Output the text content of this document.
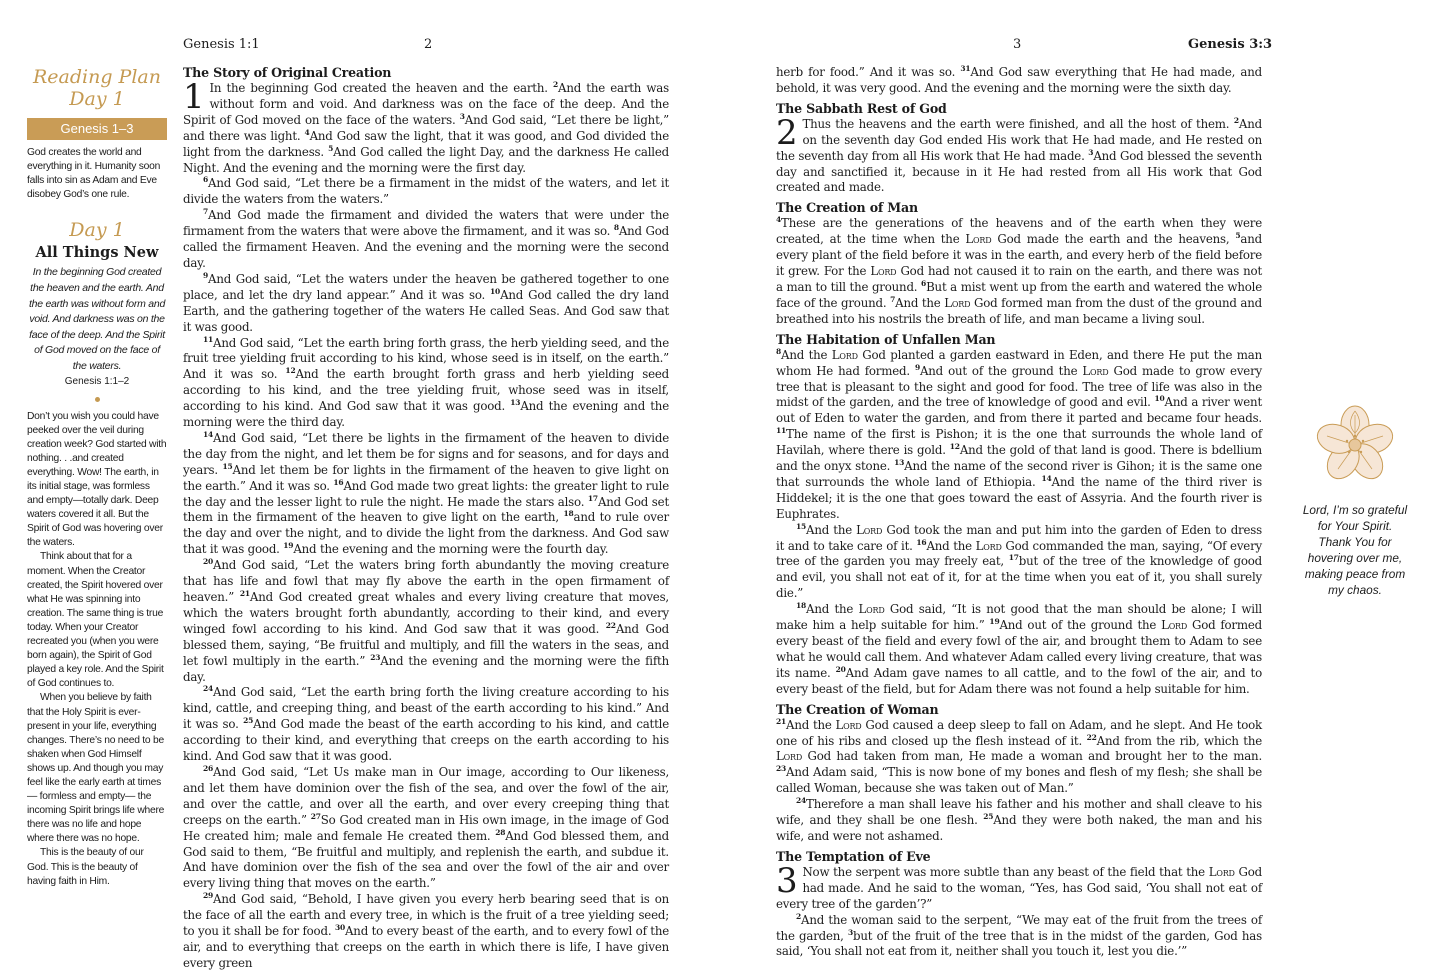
Genesis 1:1	2	3	Genesis 3:3
Reading Plan
Day 1
Genesis 1–3

God creates the world and everything in it. Humanity soon falls into sin as Adam and Eve disobey God’s one rule.

Day 1
All Things New
In the beginning God created the heaven and the earth. And the earth was without form and void. And darkness was on the face of the deep. And the Spirit of God moved on the face of the waters.
Genesis 1:1–2

Don’t you wish you could have peeked over the veil during creation week? God started with nothing. . .and created everything. Wow! The earth, in its initial stage, was formless and empty—totally dark. Deep waters covered it all. But the Spirit of God was hovering over the waters.

Think about that for a moment. When the Creator created, the Spirit hovered over what He was spinning into creation. The same thing is true today. When your Creator recreated you (when you were born again), the Spirit of God played a key role. And the Spirit of God continues to.

When you believe by faith that the Holy Spirit is ever-present in your life, everything changes. There’s no need to be shaken when God Himself shows up. And though you may feel like the early earth at times— formless and empty— the incoming Spirit brings life where there was no life and hope where there was no hope.

This is the beauty of our God. This is the beauty of having faith in Him.

The Story of Original Creation

1 In the beginning God created the heaven and the earth. $^2$And the earth was without form and void. And darkness was on the face of the deep. And the Spirit of God moved on the face of the waters. $^3$And God said, “Let there be light,” and there was light. $^4$And God saw the light, that it was good, and God divided the light from the darkness. $^5$And God called the light Day, and the darkness He called Night. And the evening and the morning were the first day.

$^6$And God said, “Let there be a firmament in the midst of the waters, and let it divide the waters from the waters.”

$^7$And God made the firmament and divided the waters that were under the firmament from the waters that were above the firmament, and it was so. $^8$And God called the firmament Heaven. And the evening and the morning were the second day.

$^9$And God said, “Let the waters under the heaven be gathered together to one place, and let the dry land appear.” And it was so. $^{10}$And God called the dry land Earth, and the gathering together of the waters He called Seas. And God saw that it was good.

$^{11}$And God said, “Let the earth bring forth grass, the herb yielding seed, and the fruit tree yielding fruit according to his kind, whose seed is in itself, on the earth.” And it was so. $^{12}$And the earth brought forth grass and herb yielding seed according to his kind, and the tree yielding fruit, whose seed was in itself, according to his kind. And God saw that it was good. $^{13}$And the evening and the morning were the third day.

$^{14}$And God said, “Let there be lights in the firmament of the heaven to divide the day from the night, and let them be for signs and for seasons, and for days and years. $^{15}$And let them be for lights in the firmament of the heaven to give light on the earth.” And it was so. $^{16}$And God made two great lights: the greater light to rule the day and the lesser light to rule the night. He made the stars also. $^{17}$And God set them in the firmament of the heaven to give light on the earth, $^{18}$and to rule over the day and over the night, and to divide the light from the darkness. And God saw that it was good. $^{19}$And the evening and the morning were the fourth day.

$^{20}$And God said, “Let the waters bring forth abundantly the moving creature that has life and fowl that may fly above the earth in the open firmament of heaven.” $^{21}$And God created great whales and every living creature that moves, which the waters brought forth abundantly, according to their kind, and every winged fowl according to his kind. And God saw that it was good. $^{22}$And God blessed them, saying, “Be fruitful and multiply, and fill the waters in the seas, and let fowl multiply in the earth.” $^{23}$And the evening and the morning were the fifth day.

$^{24}$And God said, “Let the earth bring forth the living creature according to his kind, cattle, and creeping thing, and beast of the earth according to his kind.” And it was so. $^{25}$And God made the beast of the earth according to his kind, and cattle according to their kind, and everything that creeps on the earth according to his kind. And God saw that it was good.

$^{26}$And God said, “Let Us make man in Our image, according to Our likeness, and let them have dominion over the fish of the sea, and over the fowl of the air, and over the cattle, and over all the earth, and over every creeping thing that creeps on the earth.” $^{27}$So God created man in His own image, in the image of God He created him; male and female He created them. $^{28}$And God blessed them, and God said to them, “Be fruitful and multiply, and replenish the earth, and subdue it. And have dominion over the fish of the sea and over the fowl of the air and over every living thing that moves on the earth.”

$^{29}$And God said, “Behold, I have given you every herb bearing seed that is on the face of all the earth and every tree, in which is the fruit of a tree yielding seed; to you it shall be for food. $^{30}$And to every beast of the earth, and to every fowl of the air, and to everything that creeps on the earth in which there is life, I have given every green

herb for food.” And it was so. $^{31}$And God saw everything that He had made, and behold, it was very good. And the evening and the morning were the sixth day.

The Sabbath Rest of God

2 Thus the heavens and the earth were finished, and all the host of them. $^2$And on the seventh day God ended His work that He had made, and He rested on the seventh day from all His work that He had made. $^3$And God blessed the seventh day and sanctified it, because in it He had rested from all His work that God created and made.

The Creation of Man

$^4$These are the generations of the heavens and of the earth when they were created, at the time when the Lord God made the earth and the heavens, $^5$and every plant of the field before it was in the earth, and every herb of the field before it grew. For the Lord God had not caused it to rain on the earth, and there was not a man to till the ground. $^6$But a mist went up from the earth and watered the whole face of the ground. $^7$And the Lord God formed man from the dust of the ground and breathed into his nostrils the breath of life, and man became a living soul.

The Habitation of Unfallen Man

$^8$And the Lord God planted a garden eastward in Eden, and there He put the man whom He had formed. $^9$And out of the ground the Lord God made to grow every tree that is pleasant to the sight and good for food. The tree of life was also in the midst of the garden, and the tree of knowledge of good and evil. $^{10}$And a river went out of Eden to water the garden, and from there it parted and became four heads. $^{11}$The name of the first is Pishon; it is the one that surrounds the whole land of Havilah, where there is gold. $^{12}$And the gold of that land is good. There is bdellium and the onyx stone. $^{13}$And the name of the second river is Gihon; it is the same one that surrounds the whole land of Ethiopia. $^{14}$And the name of the third river is Hiddekel; it is the one that goes toward the east of Assyria. And the fourth river is Euphrates.

$^{15}$And the Lord God took the man and put him into the garden of Eden to dress it and to take care of it. $^{16}$And the Lord God commanded the man, saying, “Of every tree of the garden you may freely eat, $^{17}$but of the tree of the knowledge of good and evil, you shall not eat of it, for at the time when you eat of it, you shall surely die.”

$^{18}$And the Lord God said, “It is not good that the man should be alone; I will make him a help suitable for him.” $^{19}$And out of the ground the Lord God formed every beast of the field and every fowl of the air, and brought them to Adam to see what he would call them. And whatever Adam called every living creature, that was its name. $^{20}$And Adam gave names to all cattle, and to the fowl of the air, and to every beast of the field, but for Adam there was not found a help suitable for him.

The Creation of Woman

$^{21}$And the Lord God caused a deep sleep to fall on Adam, and he slept. And He took one of his ribs and closed up the flesh instead of it. $^{22}$And from the rib, which the Lord God had taken from man, He made a woman and brought her to the man. $^{23}$And Adam said, “This is now bone of my bones and flesh of my flesh; she shall be called Woman, because she was taken out of Man.”

$^{24}$Therefore a man shall leave his father and his mother and shall cleave to his wife, and they shall be one flesh. $^{25}$And they were both naked, the man and his wife, and were not ashamed.

The Temptation of Eve

3 Now the serpent was more subtle than any beast of the field that the Lord God had made. And he said to the woman, “Yes, has God said, ‘You shall not eat of every tree of the garden’?”

$^2$And the woman said to the serpent, “We may eat of the fruit from the trees of the garden, $^3$but of the fruit of the tree that is in the midst of the garden, God has said, ‘You shall not eat from it, neither shall you touch it, lest you die.’”

Lord, I’m so grateful for Your Spirit. Thank You for hovering over me, making peace from my chaos.
